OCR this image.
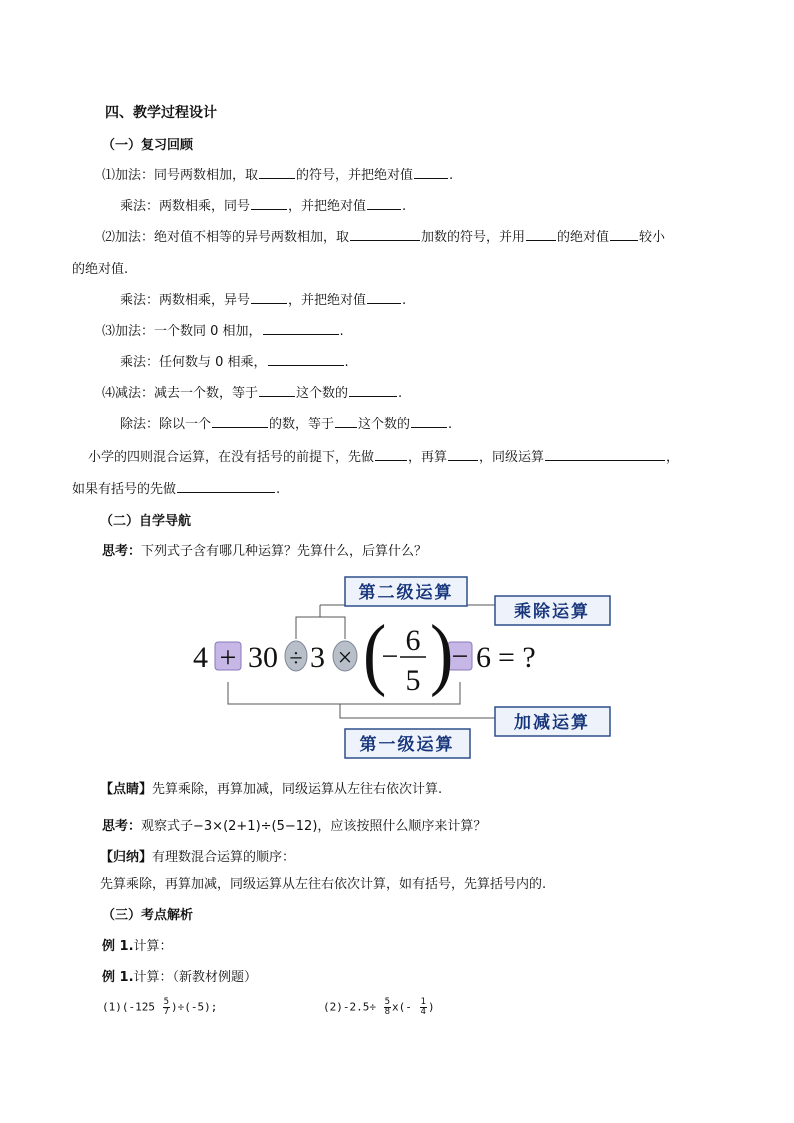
四、教学过程设计
（一）复习回顾
⑴加法：同号两数相加，取	的符号，并把绝对值	.
乘法：两数相乘，同号	，并把绝对值	.
⑵加法：绝对值不相等的异号两数相加，取	加数的符号，并用 的绝对值 较小
的绝对值.
乘法：两数相乘，异号	，并把绝对值	.
⑶加法：一个数同 0 相加，	.
乘法：任何数与 0 相乘，	.
⑷减法：减去一个数，等于	这个数的	.
除法：除以一个	的数，等于 这个数的	.
小学的四则混合运算，在没有括号的前提下，先做	，再算 ，同级运算	，
如果有括号的先做	.
（二）自学导航
思考：下列式子含有哪几种运算？先算什么，后算什么？
第二级运算
乘除运算
加减运算
第一级运算
4 + 30 ÷ 3 × (
− 6
5 )
− 6 = ?
【点睛】先算乘除，再算加减，同级运算从左往右依次计算.
思考：观察式子−3×(2+1)÷(5−12)，应该按照什么顺序来计算？
【归纳】有理数混合运算的顺序：
先算乘除，再算加减，同级运算从左往右依次计算，如有括号，先算括号内的.
（三）考点解析
例 1.计算：
例 1.计算：（新教材例题）
$(1)(-125 \frac{5}{7} )\div(-5)$;	$(2)-2.5\div \frac{5}{8} x(- \frac{1}{4}$ )
